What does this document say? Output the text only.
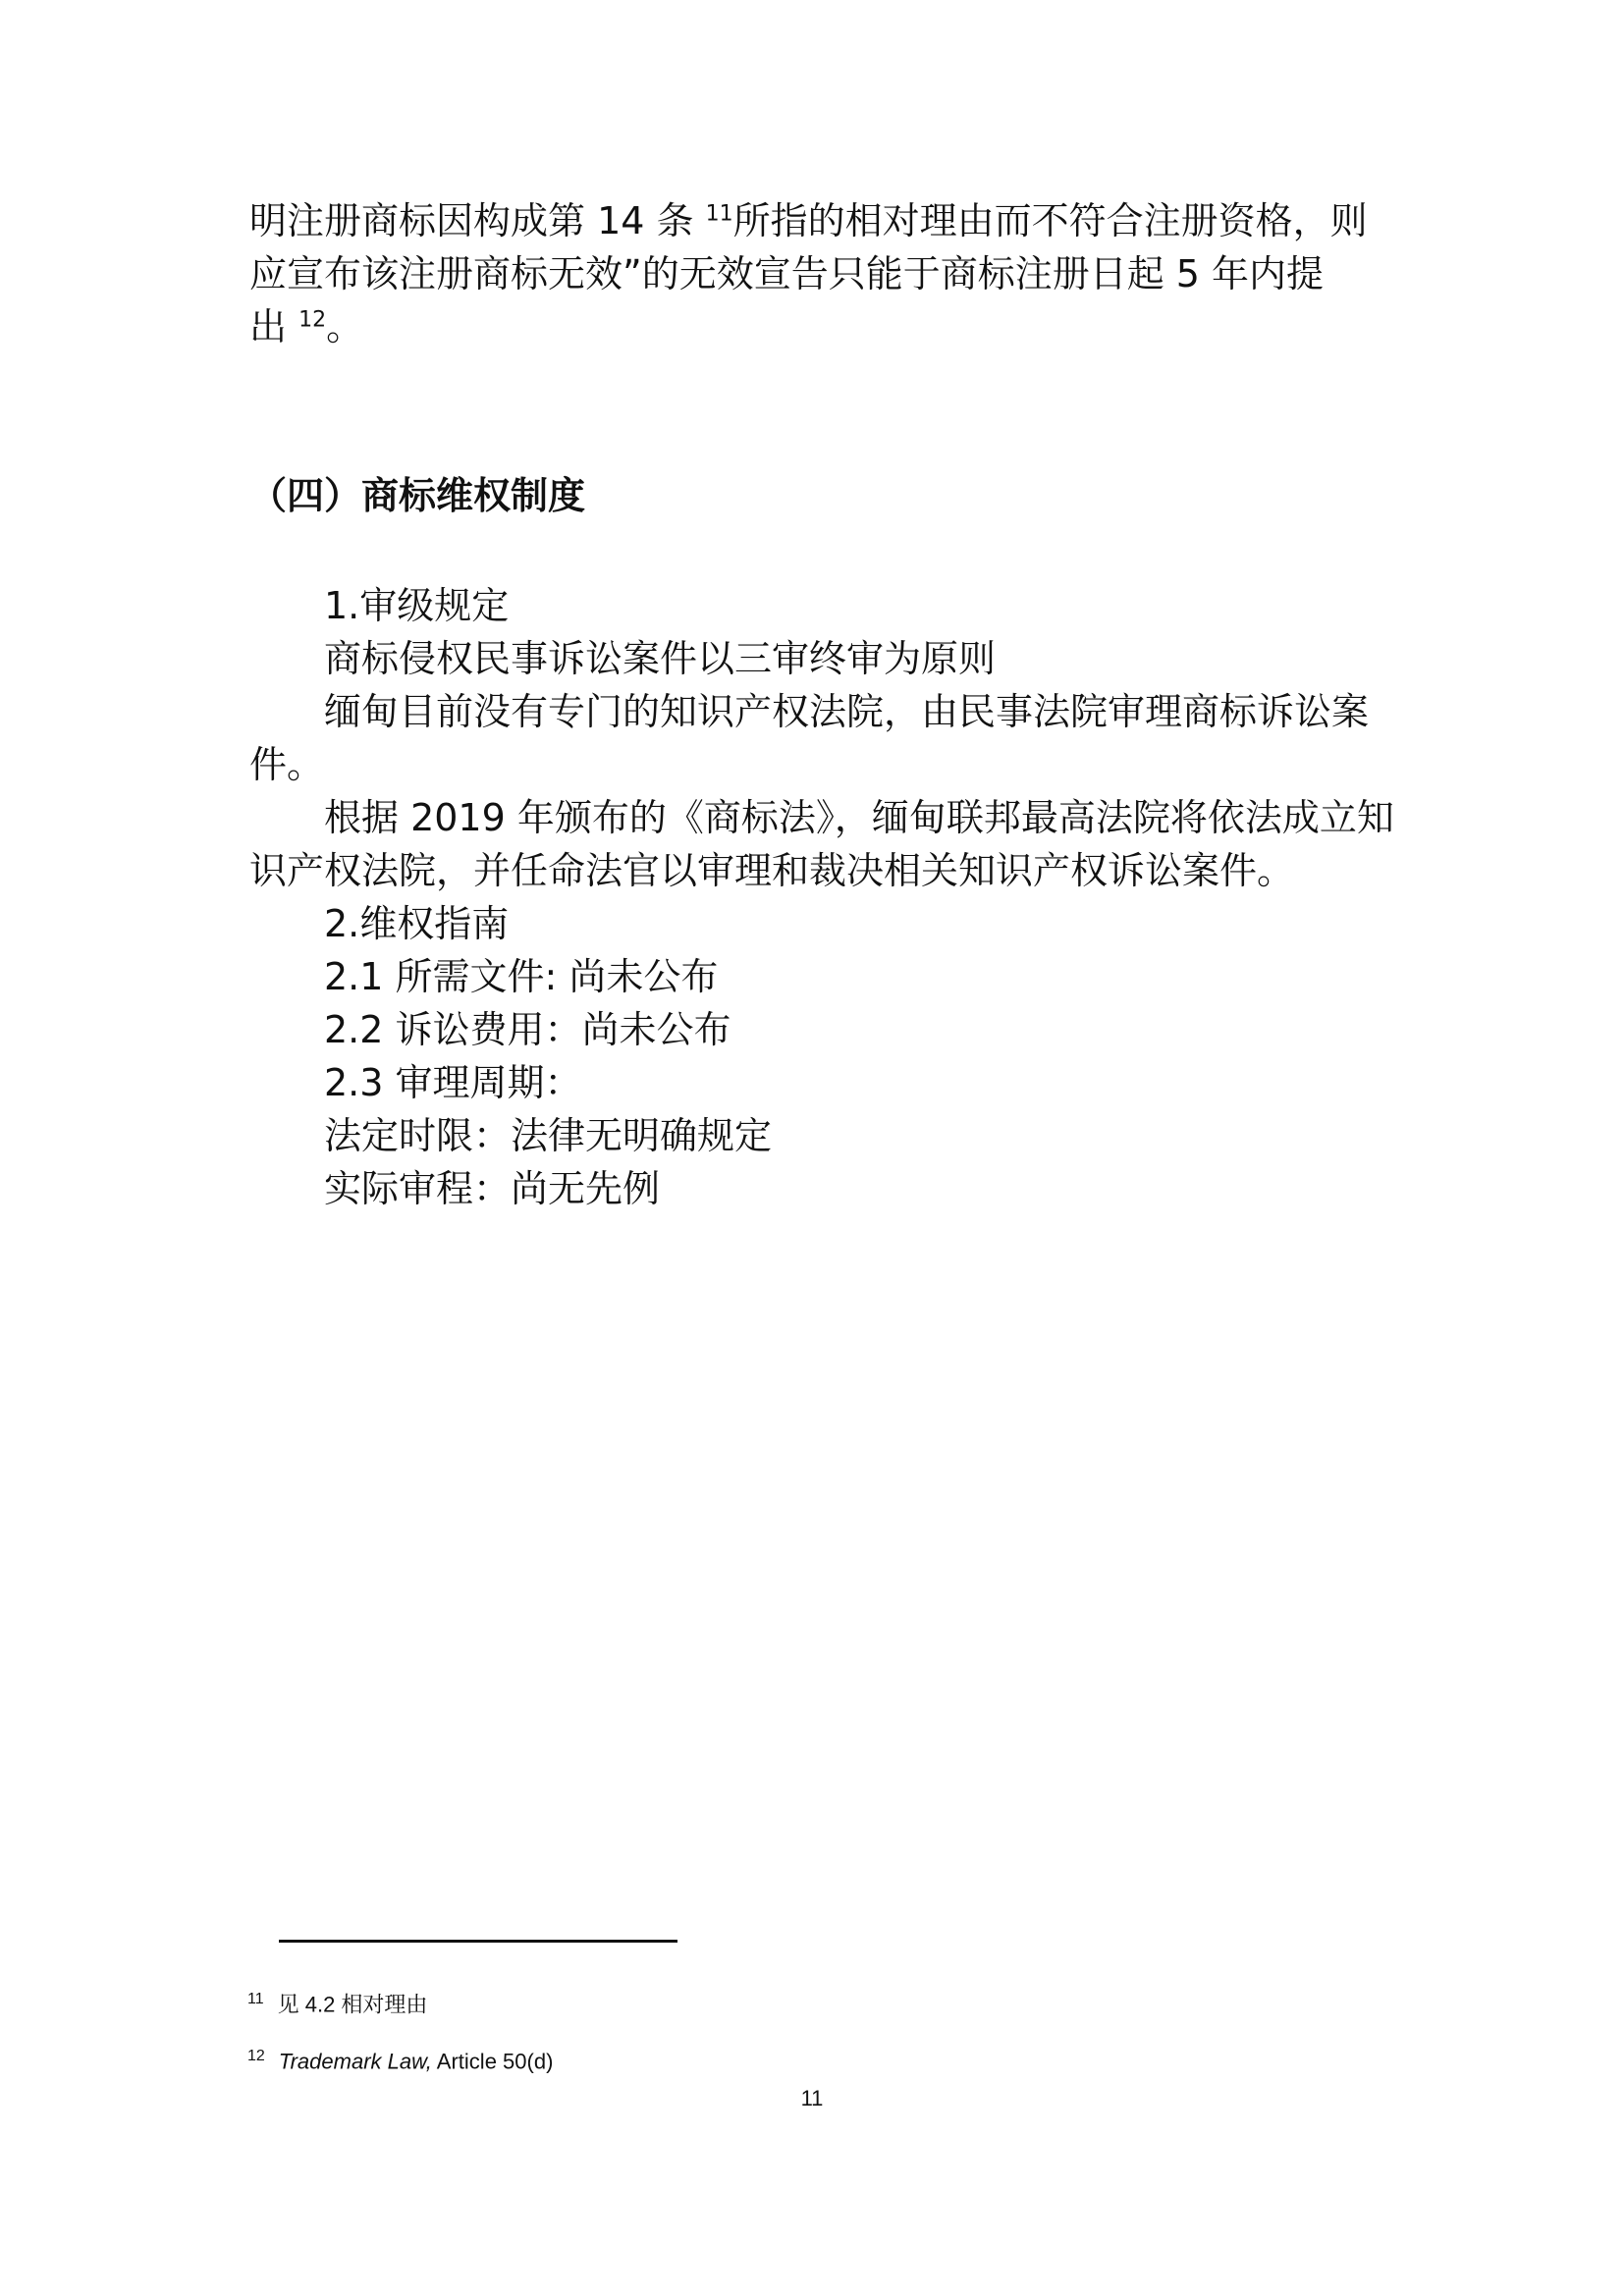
明注册商标因构成第 14 条 $^{11}$所指的相对理由而不符合注册资格，则
应宣布该注册商标无效”的无效宣告只能于商标注册日起 5 年内提
出 $^{12}$。
（四）商标维权制度
1.审级规定
商标侵权民事诉讼案件以三审终审为原则
缅甸目前没有专门的知识产权法院，由民事法院审理商标诉讼案
件。
根据 2019 年颁布的《商标法》，缅甸联邦最高法院将依法成立知
识产权法院，并任命法官以审理和裁决相关知识产权诉讼案件。
2.维权指南
2.1 所需文件: 尚未公布
2.2 诉讼费用：尚未公布
2.3 审理周期：
法定时限：法律无明确规定
实际审程：尚无先例
$^{11}$ 见 4.2 相对理由
$^{12}$ Trademark Law, Article 50(d)
11
